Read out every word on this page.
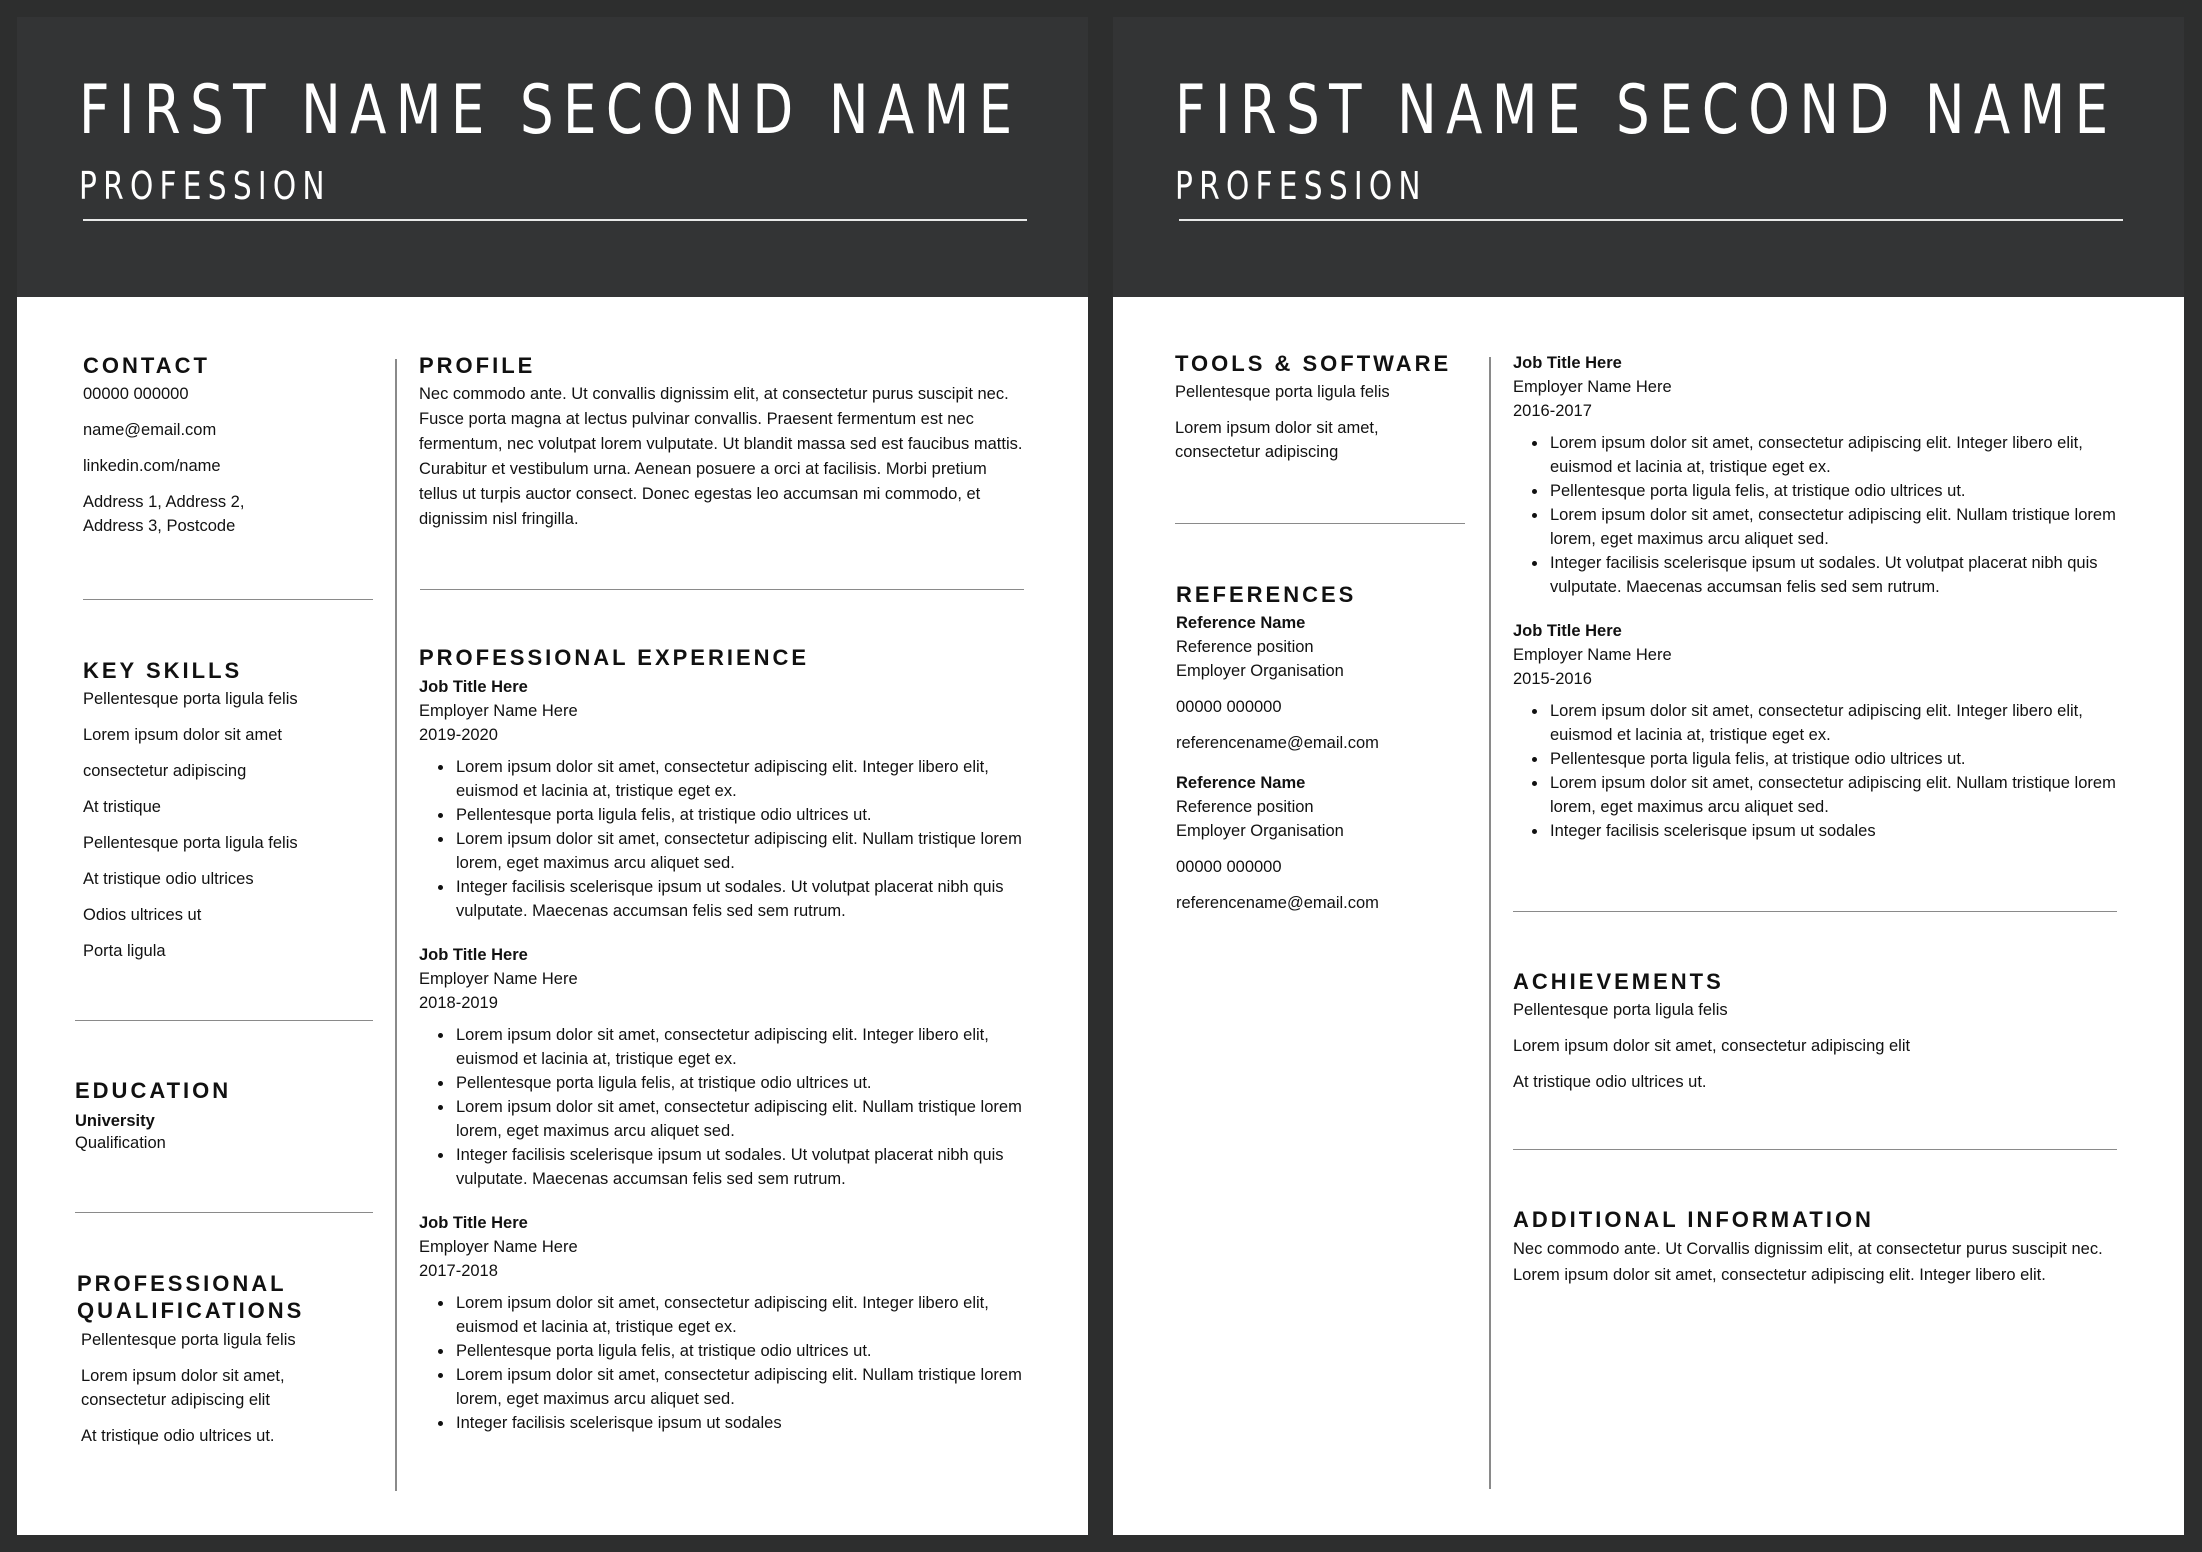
FIRST NAME SECOND NAME
PROFESSION
CONTACT
00000 000000
name@email.com
linkedin.com/name
Address 1, Address 2,
Address 3, Postcode
KEY SKILLS
Pellentesque porta ligula felis
Lorem ipsum dolor sit amet
consectetur adipiscing
At tristique
Pellentesque porta ligula felis
At tristique odio ultrices
Odios ultrices ut
Porta ligula
EDUCATION
University
Qualification
PROFESSIONAL
QUALIFICATIONS
Pellentesque porta ligula felis
Lorem ipsum dolor sit amet,
consectetur adipiscing elit
At tristique odio ultrices ut.
PROFILE
Nec commodo ante. Ut convallis dignissim elit, at consectetur purus suscipit nec. Fusce porta magna at lectus pulvinar convallis. Praesent fermentum est nec fermentum, nec volutpat lorem vulputate. Ut blandit massa sed est faucibus mattis. Curabitur et vestibulum urna. Aenean posuere a orci at facilisis. Morbi pretium tellus ut turpis auctor consect. Donec egestas leo accumsan mi commodo, et dignissim nisl fringilla.
PROFESSIONAL EXPERIENCE
Job Title Here
Employer Name Here
2019-2020
• Lorem ipsum dolor sit amet, consectetur adipiscing elit. Integer libero elit, euismod et lacinia at, tristique eget ex.
• Pellentesque porta ligula felis, at tristique odio ultrices ut.
• Lorem ipsum dolor sit amet, consectetur adipiscing elit. Nullam tristique lorem lorem, eget maximus arcu aliquet sed.
• Integer facilisis scelerisque ipsum ut sodales. Ut volutpat placerat nibh quis vulputate. Maecenas accumsan felis sed sem rutrum.
Job Title Here
Employer Name Here
2018-2019
• Lorem ipsum dolor sit amet, consectetur adipiscing elit. Integer libero elit, euismod et lacinia at, tristique eget ex.
• Pellentesque porta ligula felis, at tristique odio ultrices ut.
• Lorem ipsum dolor sit amet, consectetur adipiscing elit. Nullam tristique lorem lorem, eget maximus arcu aliquet sed.
• Integer facilisis scelerisque ipsum ut sodales. Ut volutpat placerat nibh quis vulputate. Maecenas accumsan felis sed sem rutrum.
Job Title Here
Employer Name Here
2017-2018
• Lorem ipsum dolor sit amet, consectetur adipiscing elit. Integer libero elit, euismod et lacinia at, tristique eget ex.
• Pellentesque porta ligula felis, at tristique odio ultrices ut.
• Lorem ipsum dolor sit amet, consectetur adipiscing elit. Nullam tristique lorem lorem, eget maximus arcu aliquet sed.
• Integer facilisis scelerisque ipsum ut sodales
FIRST NAME SECOND NAME
PROFESSION
TOOLS & SOFTWARE
Pellentesque porta ligula felis
Lorem ipsum dolor sit amet,
consectetur adipiscing
REFERENCES
Reference Name
Reference position
Employer Organisation
00000 000000
referencename@email.com
Reference Name
Reference position
Employer Organisation
00000 000000
referencename@email.com
Job Title Here
Employer Name Here
2016-2017
• Lorem ipsum dolor sit amet, consectetur adipiscing elit. Integer libero elit, euismod et lacinia at, tristique eget ex.
• Pellentesque porta ligula felis, at tristique odio ultrices ut.
• Lorem ipsum dolor sit amet, consectetur adipiscing elit. Nullam tristique lorem lorem, eget maximus arcu aliquet sed.
• Integer facilisis scelerisque ipsum ut sodales. Ut volutpat placerat nibh quis vulputate. Maecenas accumsan felis sed sem rutrum.
Job Title Here
Employer Name Here
2015-2016
• Lorem ipsum dolor sit amet, consectetur adipiscing elit. Integer libero elit, euismod et lacinia at, tristique eget ex.
• Pellentesque porta ligula felis, at tristique odio ultrices ut.
• Lorem ipsum dolor sit amet, consectetur adipiscing elit. Nullam tristique lorem lorem, eget maximus arcu aliquet sed.
• Integer facilisis scelerisque ipsum ut sodales
ACHIEVEMENTS
Pellentesque porta ligula felis
Lorem ipsum dolor sit amet, consectetur adipiscing elit
At tristique odio ultrices ut.
ADDITIONAL INFORMATION
Nec commodo ante. Ut Corvallis dignissim elit, at consectetur purus suscipit nec. Lorem ipsum dolor sit amet, consectetur adipiscing elit. Integer libero elit.
